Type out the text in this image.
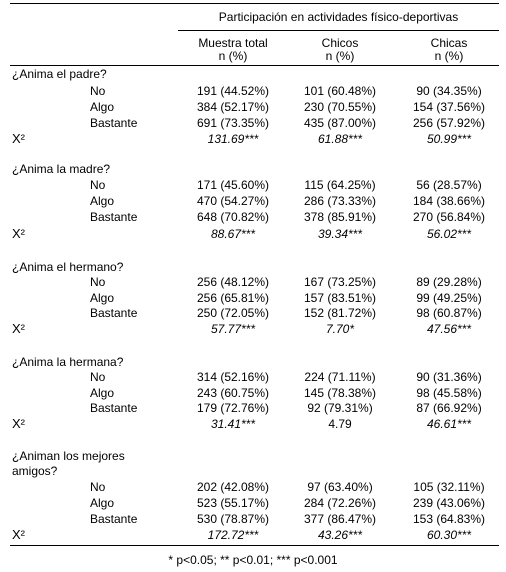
Participación en actividades físico-deportivas
Muestra total
n (%)
Chicos
n (%)
Chicas
n (%)
¿Anima el padre?
No	191 (44.52%)	101 (60.48%)	90 (34.35%)
Algo	384 (52.17%)	230 (70.55%)	154 (37.56%)
Bastante	691 (73.35%)	435 (87.00%)	256 (57.92%)
Χ²	131.69***	61.88***	50.99***
¿Anima la madre?
No	171 (45.60%)	115 (64.25%)	56 (28.57%)
Algo	470 (54.27%)	286 (73.33%)	184 (38.66%)
Bastante	648 (70.82%)	378 (85.91%)	270 (56.84%)
Χ²	88.67***	39.34***	56.02***
¿Anima el hermano?
No	256 (48.12%)	167 (73.25%)	89 (29.28%)
Algo	256 (65.81%)	157 (83.51%)	99 (49.25%)
Bastante	250 (72.05%)	152 (81.72%)	98 (60.87%)
Χ²	57.77***	7.70*	47.56***
¿Anima la hermana?
No	314 (52.16%)	224 (71.11%)	90 (31.36%)
Algo	243 (60.75%)	145 (78.38%)	98 (45.58%)
Bastante	179 (72.76%)	92 (79.31%)	87 (66.92%)
Χ²	31.41***	4.79	46.61***
¿Animan los mejores
amigos?
No	202 (42.08%)	97 (63.40%)	105 (32.11%)
Algo	523 (55.17%)	284 (72.26%)	239 (43.06%)
Bastante	530 (78.87%)	377 (86.47%)	153 (64.83%)
Χ²	172.72***	43.26***	60.30***
* p<0.05; ** p<0.01; *** p<0.001
